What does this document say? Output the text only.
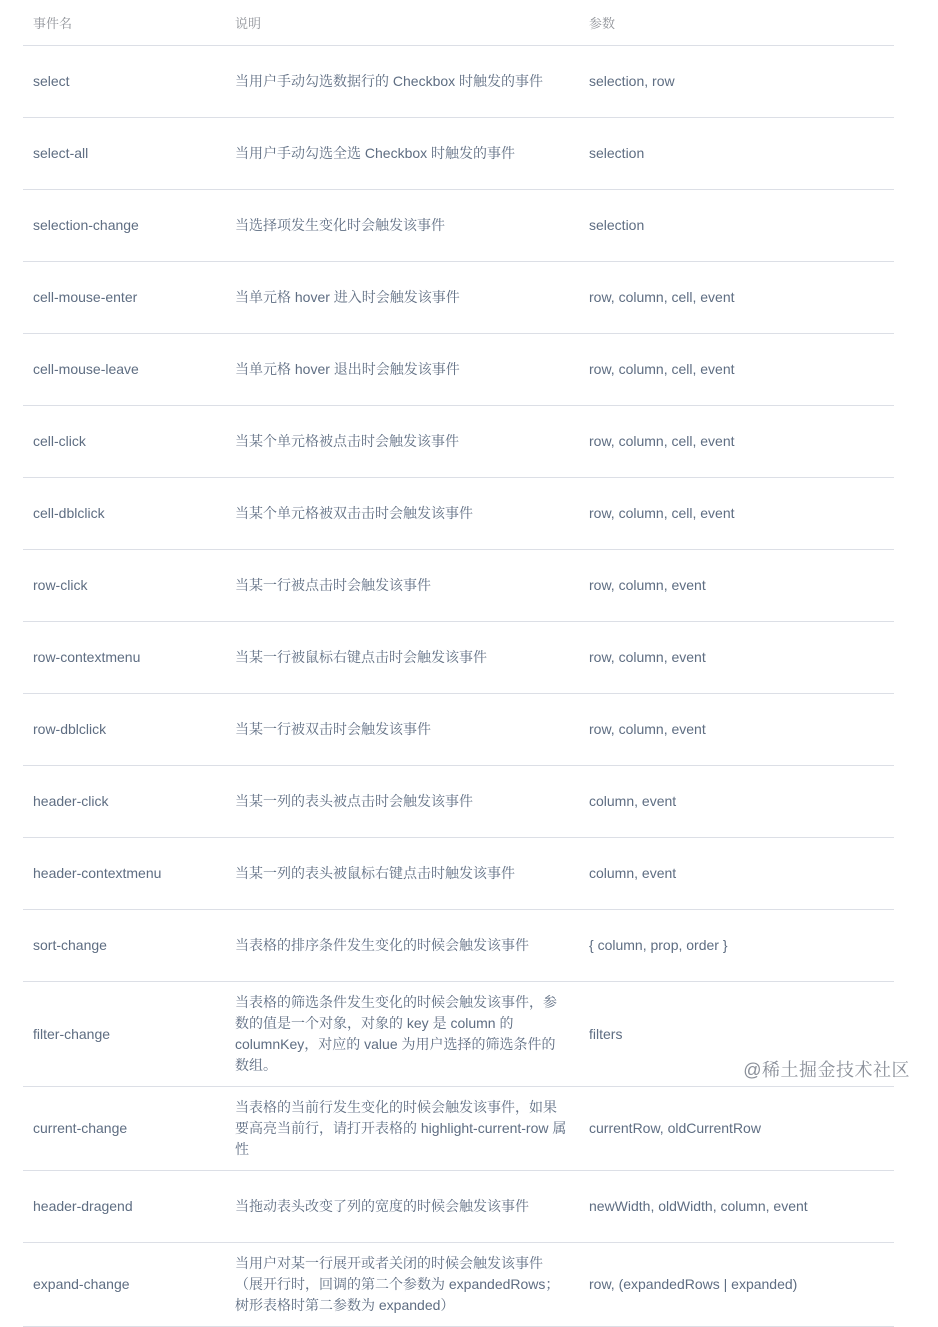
事件名	说明	参数
select	当用户手动勾选数据行的 Checkbox 时触发的事件	selection, row
select-all	当用户手动勾选全选 Checkbox 时触发的事件	selection
selection-change	当选择项发生变化时会触发该事件	selection
cell-mouse-enter	当单元格 hover 进入时会触发该事件	row, column, cell, event
cell-mouse-leave	当单元格 hover 退出时会触发该事件	row, column, cell, event
cell-click	当某个单元格被点击时会触发该事件	row, column, cell, event
cell-dblclick	当某个单元格被双击击时会触发该事件	row, column, cell, event
row-click	当某一行被点击时会触发该事件	row, column, event
row-contextmenu	当某一行被鼠标右键点击时会触发该事件	row, column, event
row-dblclick	当某一行被双击时会触发该事件	row, column, event
header-click	当某一列的表头被点击时会触发该事件	column, event
header-contextmenu	当某一列的表头被鼠标右键点击时触发该事件	column, event
sort-change	当表格的排序条件发生变化的时候会触发该事件	{ column, prop, order }
filter-change	当表格的筛选条件发生变化的时候会触发该事件，参数的值是一个对象，对象的 key 是 column 的 columnKey，对应的 value 为用户选择的筛选条件的数组。	filters
current-change	当表格的当前行发生变化的时候会触发该事件，如果要高亮当前行，请打开表格的 highlight-current-row 属性	currentRow, oldCurrentRow
header-dragend	当拖动表头改变了列的宽度的时候会触发该事件	newWidth, oldWidth, column, event
expand-change	当用户对某一行展开或者关闭的时候会触发该事件（展开行时，回调的第二个参数为 expandedRows；树形表格时第二参数为 expanded）	row, (expandedRows | expanded)
@稀土掘金技术社区
